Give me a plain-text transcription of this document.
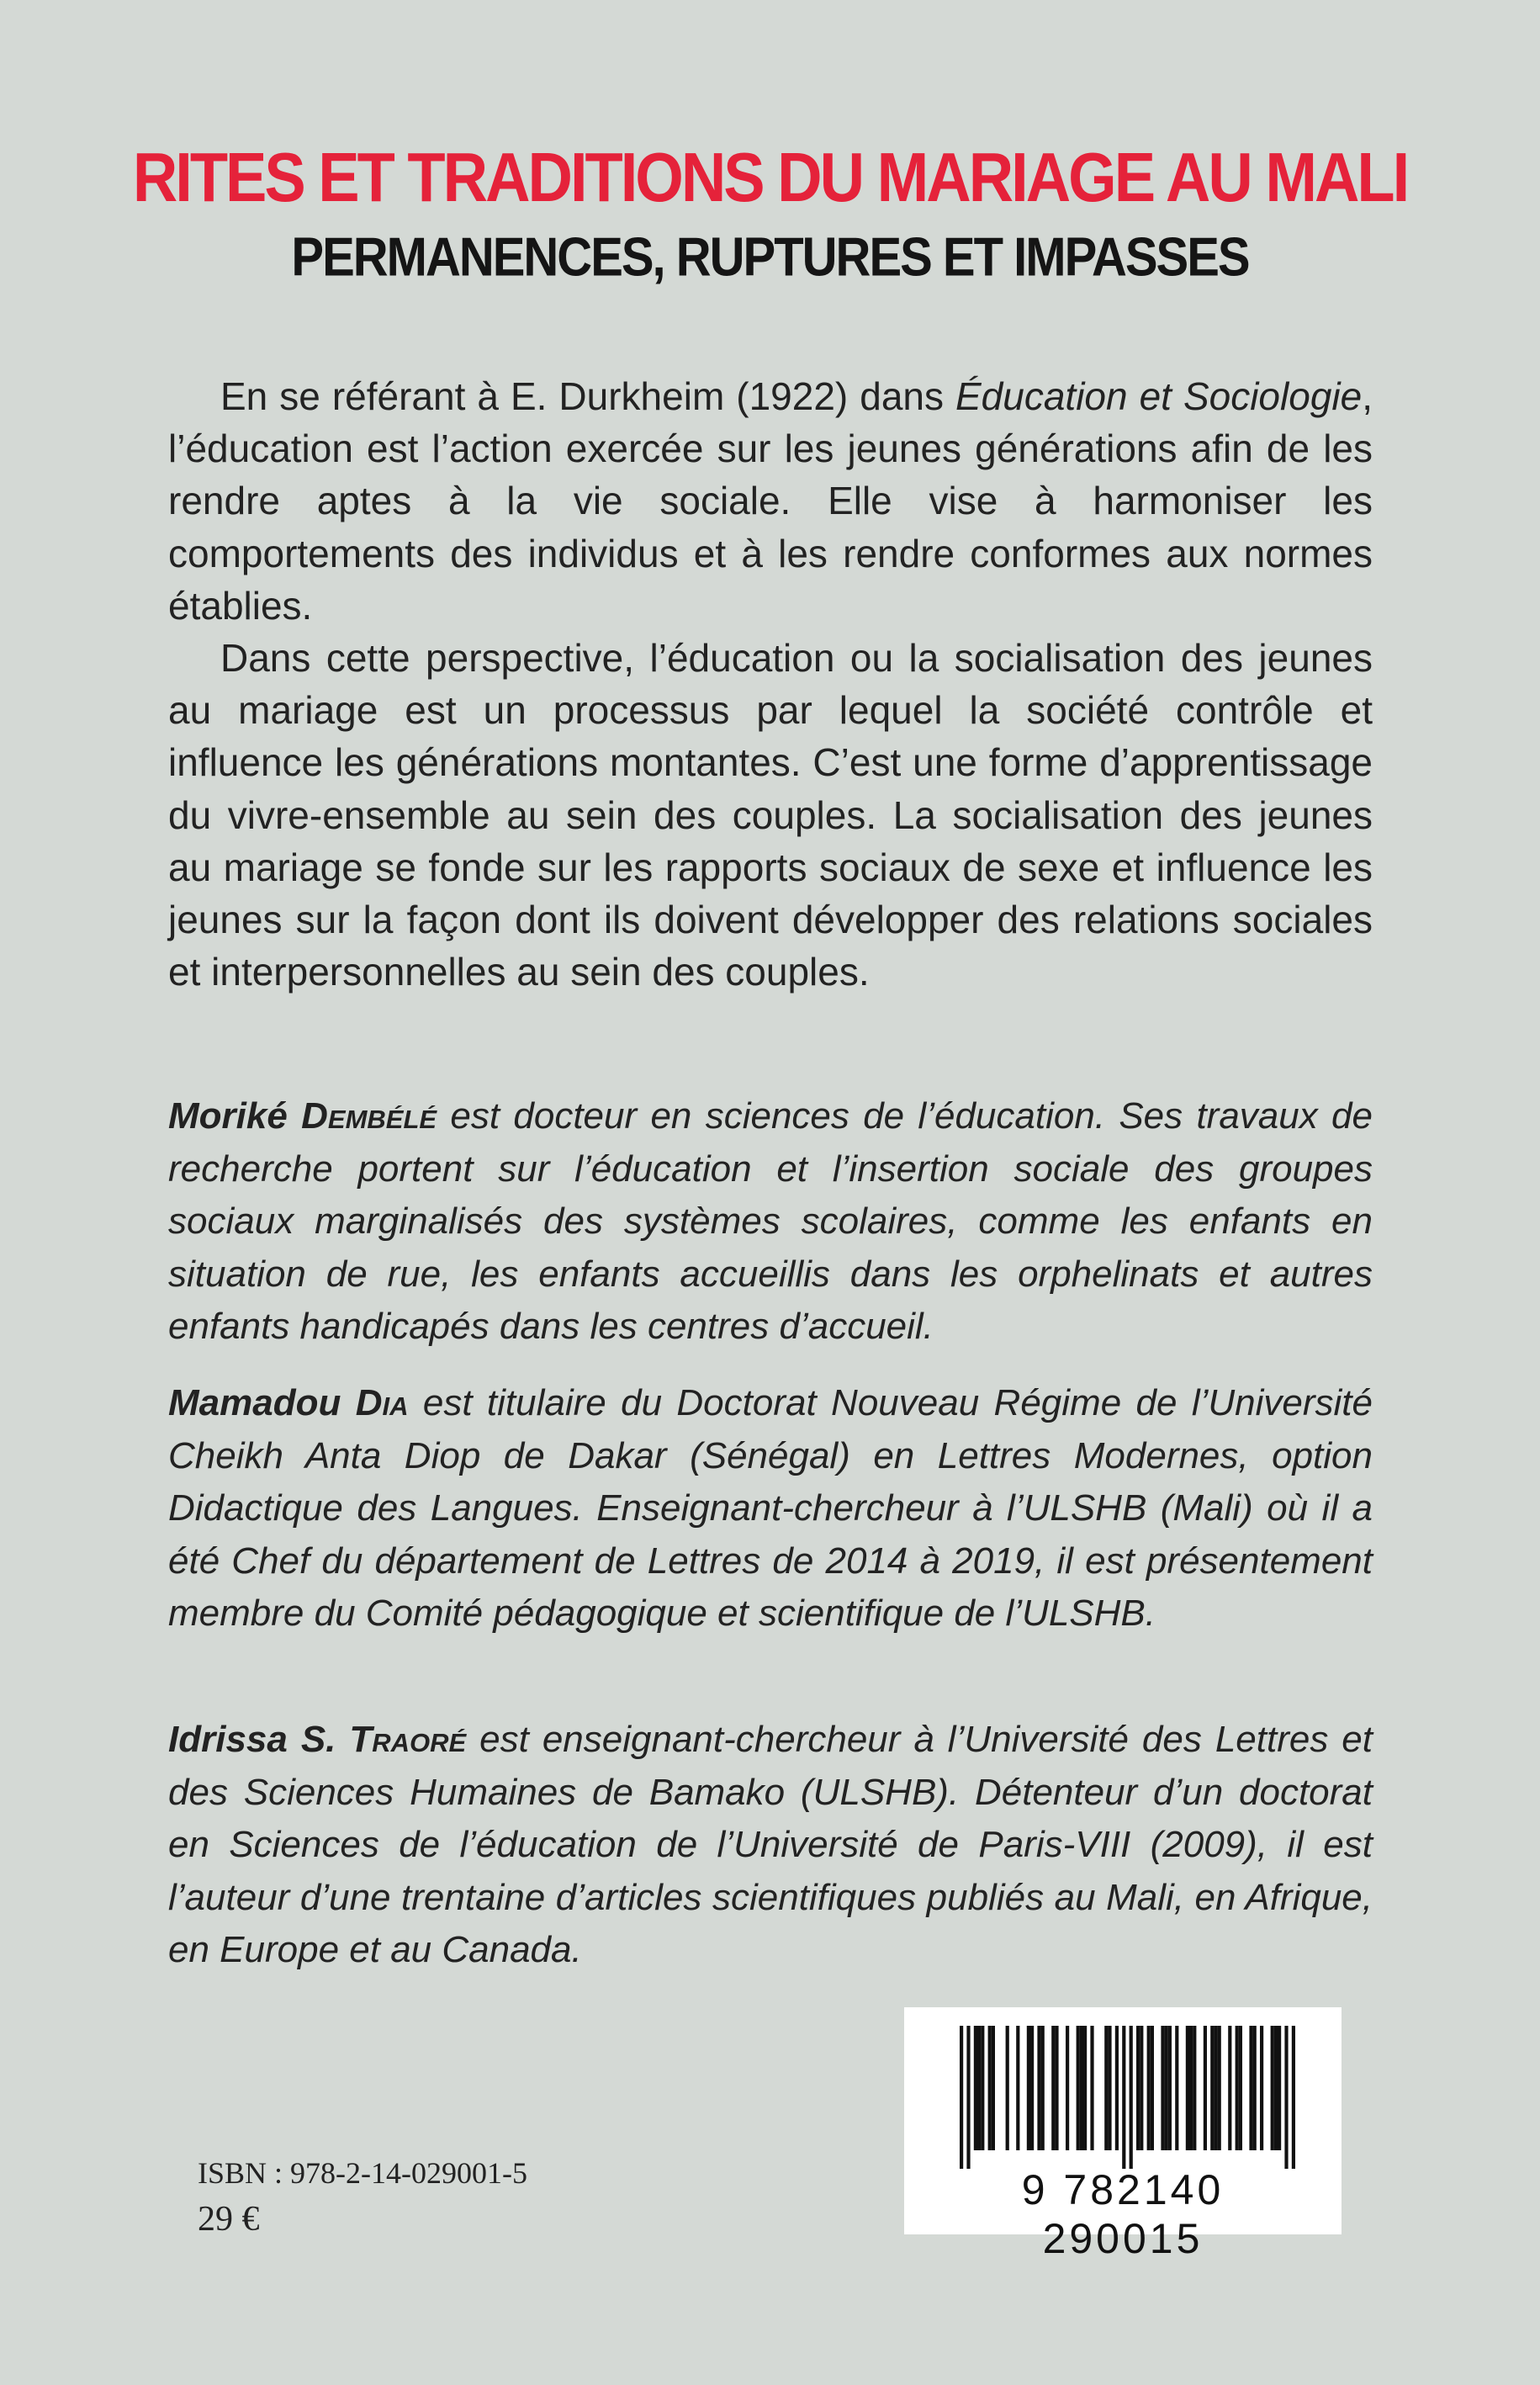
RITES ET TRADITIONS DU MARIAGE AU MALI
PERMANENCES, RUPTURES ET IMPASSES

En se référant à E. Durkheim (1922) dans Éducation et Sociologie, l’éducation est l’action exercée sur les jeunes générations afin de les rendre aptes à la vie sociale. Elle vise à harmoniser les comportements des individus et à les rendre conformes aux normes établies.

Dans cette perspective, l’éducation ou la socialisation des jeunes au mariage est un processus par lequel la société contrôle et influence les générations montantes. C’est une forme d’apprentissage du vivre-ensemble au sein des couples. La socialisation des jeunes au mariage se fonde sur les rapports sociaux de sexe et influence les jeunes sur la façon dont ils doivent développer des relations sociales et interpersonnelles au sein des couples.

Moriké Dembélé est docteur en sciences de l’éducation. Ses travaux de recherche portent sur l’éducation et l’insertion sociale des groupes sociaux marginalisés des systèmes scolaires, comme les enfants en situation de rue, les enfants accueillis dans les orphelinats et autres enfants handicapés dans les centres d’accueil.

Mamadou Dia est titulaire du Doctorat Nouveau Régime de l’Université Cheikh Anta Diop de Dakar (Sénégal) en Lettres Modernes, option Didactique des Langues. Enseignant-chercheur à l’ULSHB (Mali) où il a été Chef du département de Lettres de 2014 à 2019, il est présentement membre du Comité pédagogique et scientifique de l’ULSHB.

Idrissa S. Traoré est enseignant-chercheur à l’Université des Lettres et des Sciences Humaines de Bamako (ULSHB). Détenteur d’un doctorat en Sciences de l’éducation de l’Université de Paris-VIII (2009), il est l’auteur d’une trentaine d’articles scientifiques publiés au Mali, en Afrique, en Europe et au Canada.

ISBN : 978-2-14-029001-5
29 €
9 782140 290015
